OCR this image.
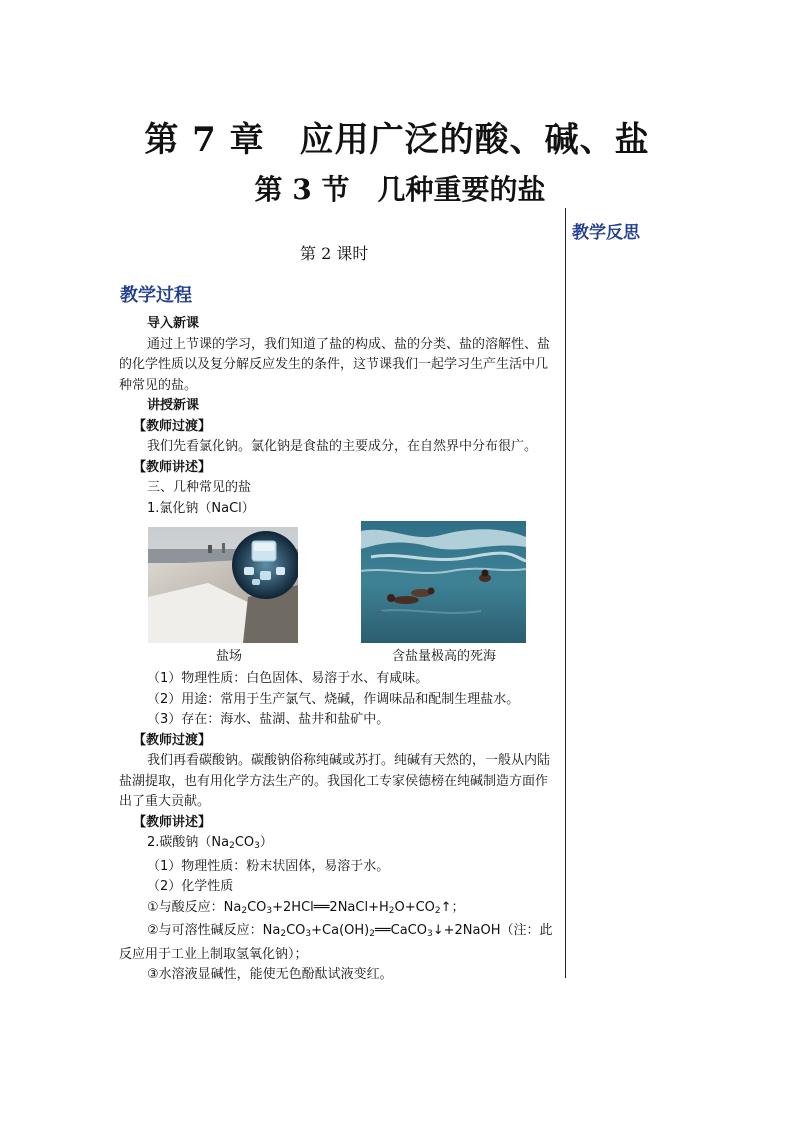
第 7 章　应用广泛的酸、碱、盐
第 3 节　几种重要的盐
教学反思
第 2 课时
教学过程

导入新课

通过上节课的学习，我们知道了盐的构成、盐的分类、盐的溶解性、盐的化学性质以及复分解反应发生的条件，这节课我们一起学习生产生活中几种常见的盐。

讲授新课

【教师过渡】

我们先看氯化钠。氯化钠是食盐的主要成分，在自然界中分布很广。

【教师讲述】

三、几种常见的盐

1.氯化钠（NaCl）

盐场	含盐量极高的死海

（1）物理性质：白色固体、易溶于水、有咸味。

（2）用途：常用于生产氯气、烧碱，作调味品和配制生理盐水。

（3）存在：海水、盐湖、盐井和盐矿中。

【教师过渡】

我们再看碳酸钠。碳酸钠俗称纯碱或苏打。纯碱有天然的，一般从内陆盐湖提取，也有用化学方法生产的。我国化工专家侯德榜在纯碱制造方面作出了重大贡献。

【教师讲述】

2.碳酸钠$(Na_2CO_3)$

（1）物理性质：粉末状固体，易溶于水。

（2）化学性质

①与酸反应：$Na_2CO_3+2HCl══2NaCl+H_2O+CO_2↑$；

②与可溶性碱反应：$Na_2CO_3+Ca(OH)_2══CaCO_3↓+2NaOH$（注：此反应用于工业上制取氢氧化钠）；

③水溶液显碱性，能使无色酚酞试液变红。
